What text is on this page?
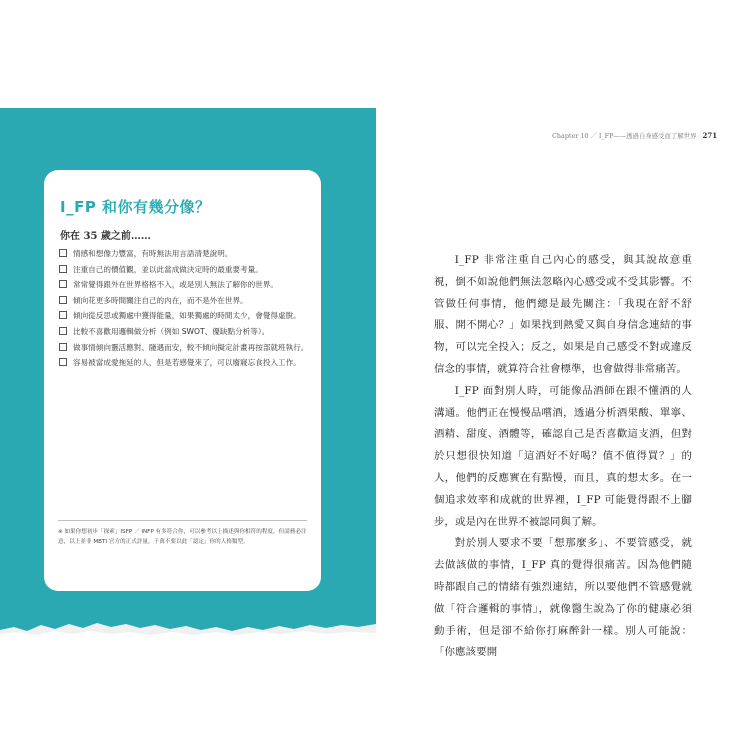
I_FP 和你有幾分像？
你在 35 歲之前……
情感和想像力豐富，有時無法用言語清楚說明。
注重自己的價值觀，並以此當成做決定時的最重要考量。
常常覺得跟外在世界格格不入，或是別人無法了解你的世界。
傾向花更多時間關注自己的內在，而不是外在世界。
傾向從反思或獨處中獲得能量，如果獨處的時間太少，會覺得虛脫。
比較不喜歡用邏輯做分析（例如 SWOT、優缺點分析等）。
做事情傾向靈活應對、隨遇而安，較不傾向擬定計畫再按部就班執行。
容易被當成愛拖延的人，但是若感覺來了，可以廢寢忘食投入工作。
※ 如果你想初步「探索」ISFP ／ INFP 有多符合你，可以參考以上描述與你相符的程度。但請務必注意，以上並非 MBTI 官方的正式評量，千萬不要以此「認定」你的人格類型。
Chapter 10 ／ I_FP——透過自身感受而了解世界 271

I_FP 非常注重自己內心的感受，與其說故意重視，倒不如說他們無法忽略內心感受或不受其影響。不管做任何事情，他們總是最先關注：「我現在舒不舒服、開不開心？」如果找到熱愛又與自身信念連結的事物，可以完全投入；反之，如果是自己感受不對或違反信念的事情，就算符合社會標準，也會做得非常痛苦。

I_FP 面對別人時，可能像品酒師在跟不懂酒的人溝通。他們正在慢慢品嚐酒，透過分析酒果酸、單寧、酒精、甜度、酒體等，確認自己是否喜歡這支酒，但對於只想很快知道「這酒好不好喝？值不值得買？」的人，他們的反應實在有點慢，而且，真的想太多。在一個追求效率和成就的世界裡，I_FP 可能覺得跟不上腳步，或是內在世界不被認同與了解。

對於別人要求不要「想那麼多」、不要管感受，就去做該做的事情，I_FP 真的覺得很痛苦。因為他們隨時都跟自己的情緒有強烈連結，所以要他們不管感覺就做「符合邏輯的事情」，就像醫生說為了你的健康必須動手術，但是卻不給你打麻醉針一樣。別人可能說：「你應該要開
